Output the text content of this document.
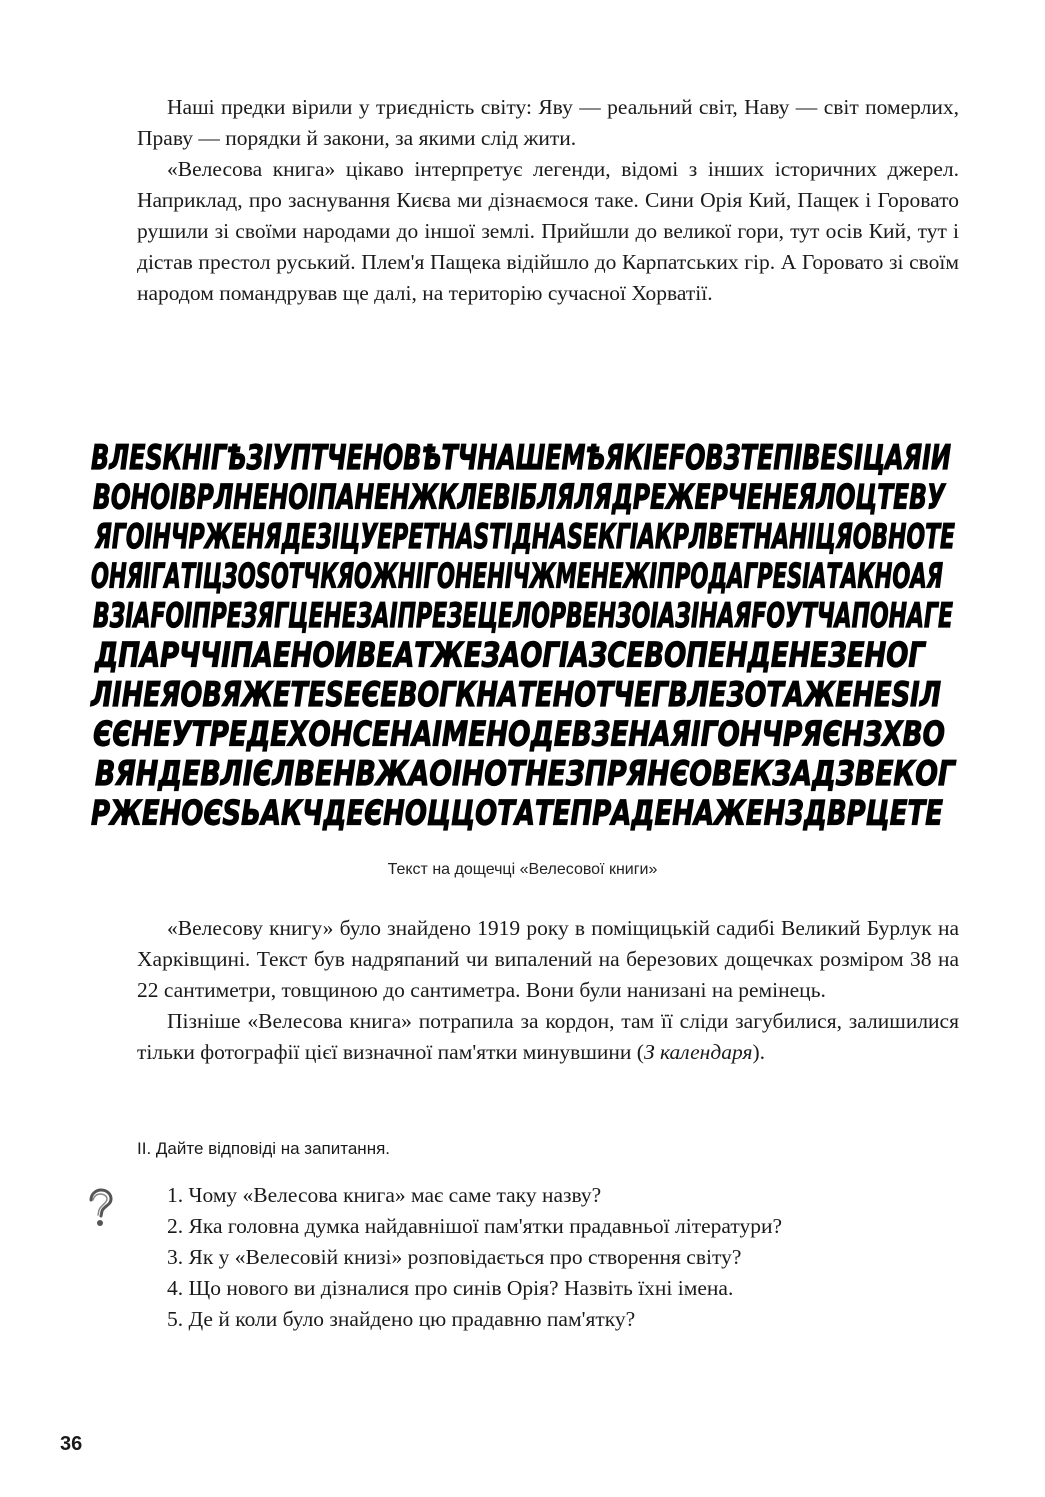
Наші предки вірили у триєдність світу: Яву — реальний світ, Наву — світ померлих, Праву — порядки й закони, за якими слід жити.

«Велесова книга» цікаво інтерпретує легенди, відомі з інших історичних джерел. Наприклад, про заснування Києва ми дізнаємося таке. Сини Орія Кий, Пащек і Горовато рушили зі своїми народами до іншої землі. Прийшли до великої гори, тут осів Кий, тут і дістав престол руський. Плем'я Пащека відійшло до Карпатських гір. А Горовато зі своїм народом помандрував ще далі, на територію сучасної Хорватії.

ВЛЕSКНІГѢЗІУПТЧЕНОВѢТЧНАШЕМѢЯКІЕFОВЗТЕПІВЕSІЦАЯІИ
ВОНОІВРЛНЕНОІПАНЕНЖКЛЕВІБЛЯЛЯДРЕЖЕРЧЕНЕЯЛОЦТЕВУ
ЯГОІНЧРЖЕНЯДЕЗІЦУЕРЕТНАSТІДНАSЕКГІАКРЛВЕТНАНІЦЯОВНОТЕ
ОНЯІГАТІЦЗОSОТЧКЯОЖНІГОНЕНІЧЖМЕНЕЖІПРОДАГРЕSІАТАКНОАЯ
ВЗІАFОІПРЕЗЯГЦЕНЕЗАІПРЕЗЕЦЕЛОРВЕНЗОІАЗІНАЯFОУТЧАПОНАГЕ
ДПАРЧЧІПАЕНОИВЕАТЖЕЗАОГІАЗСЕВОПЕНДЕНЕЗЕНОГ
ЛІНЕЯОВЯЖЕТЕЅЕЄЕВОГКНАТЕНОТЧЕГВЛЕЗОТАЖЕНЕЅІЛ
ЄЄНЕУТРЕДЕХОНСЕНАІМЕНОДЕВЗЕНАЯІГОНЧРЯЄНЗХВО
ВЯНДЕВЛІЄЛВЕНВЖАОІНОТНЕЗПРЯНЄОВЕКЗАДЗВЕКОГ
РЖЕНОЄЅЬАКЧДЕЄНОЦЦОТАТЕПРАДЕНАЖЕНЗДВРЦЕТЕ
Текст на дощечці «Велесової книги»

«Велесову книгу» було знайдено 1919 року в поміщицькій садибі Великий Бурлук на Харківщині. Текст був надряпаний чи випалений на березових дощечках розміром 38 на 22 сантиметри, товщиною до сантиметра. Вони були нанизані на ремінець.

Пізніше «Велесова книга» потрапила за кордон, там її сліди загубилися, залишилися тільки фотографії цієї визначної пам'ятки минувшини (З календаря).

ІІ. Дайте відповіді на запитання.

1. Чому «Велесова книга» має саме таку назву?

2. Яка головна думка найдавнішої пам'ятки прадавньої літератури?

3. Як у «Велесовій книзі» розповідається про створення світу?

4. Що нового ви дізналися про синів Орія? Назвіть їхні імена.

5. Де й коли було знайдено цю прадавню пам'ятку?

36
